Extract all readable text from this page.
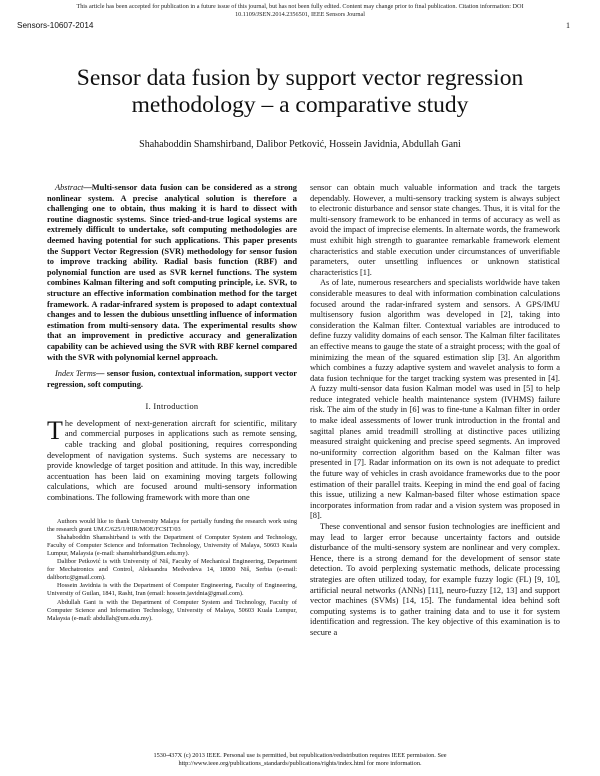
This article has been accepted for publication in a future issue of this journal, but has not been fully edited. Content may change prior to final publication. Citation information: DOI
10.1109/JSEN.2014.2356501, IEEE Sensors Journal
Sensors-10607-2014	1
Sensor data fusion by support vector regression methodology – a comparative study
Shahaboddin Shamshirband, Dalibor Petković, Hossein Javidnia, Abdullah Gani

Abstract—Multi-sensor data fusion can be considered as a strong nonlinear system. A precise analytical solution is therefore a challenging one to obtain, thus making it is hard to dissect with routine diagnostic systems. Since tried-and-true logical systems are extremely difficult to undertake, soft computing methodologies are deemed having potential for such applications. This paper presents the Support Vector Regression (SVR) methodology for sensor fusion to improve tracking ability. Radial basis function (RBF) and polynomial function are used as SVR kernel functions. The system combines Kalman filtering and soft computing principle, i.e. SVR, to structure an effective information combination method for the target framework. A radar-infrared system is proposed to adapt contextual changes and to lessen the dubious unsettling influence of information estimation from multi-sensory data. The experimental results show that an improvement in predictive accuracy and generalization capability can be achieved using the SVR with RBF kernel compared with the SVR with polynomial kernel approach.

Index Terms— sensor fusion, contextual information, support vector regression, soft computing.

I. Introduction

The development of next-generation aircraft for scientific, military and commercial purposes in applications such as remote sensing, cable tracking and global positioning, requires corresponding development of navigation systems. Such systems are necessary to provide knowledge of target position and attitude. In this way, incredible accentuation has been laid on examining moving targets following calculations, which are focused around multi-sensory information combinations. The following framework with more than one

Authors would like to thank University Malaya for partially funding the research work using the research grant UM.C/625/1/HIR/MOE/FCSIT/03

Shahaboddin Shamshirband is with the Department of Computer System and Technology, Faculty of Computer Science and Information Technology, University of Malaya, 50603 Kuala Lumpur, Malaysia (e-mail: shamshirband@um.edu.my).

Dalibor Petković is with University of Niš, Faculty of Mechanical Engineering, Department for Mechatronics and Control, Aleksandra Medvedeva 14, 18000 Niš, Serbia (e-mail: dalibortc@gmail.com).

Hossein Javidnia is with the Department of Computer Engineering, Faculty of Engineering, University of Guilan, 1841, Rasht, Iran (email: hossein.javidnia@gmail.com).

Abdullah Gani is with the Department of Computer System and Technology, Faculty of Computer Science and Information Technology, University of Malaya, 50603 Kuala Lumpur, Malaysia (e-mail: abdullah@um.edu.my).

sensor can obtain much valuable information and track the targets dependably. However, a multi-sensory tracking system is always subject to electronic disturbance and sensor state changes. Thus, it is vital for the multi-sensory framework to be enhanced in terms of accuracy as well as avoid the impact of imprecise elements. In alternate words, the framework must exhibit high strength to guarantee remarkable framework element characteristics and stable execution under circumstances of unverifiable parameters, outer unsettling influences or unknown statistical characteristics [1].

As of late, numerous researchers and specialists worldwide have taken considerable measures to deal with information combination calculations focused around the radar-infrared system and sensors. A GPS/IMU multisensory fusion algorithm was developed in [2], taking into consideration the Kalman filter. Contextual variables are introduced to define fuzzy validity domains of each sensor. The Kalman filter facilitates an effective means to gauge the state of a straight process; with the goal of minimizing the mean of the squared estimation slip [3]. An algorithm which combines a fuzzy adaptive system and wavelet analysis to form a data fusion technique for the target tracking system was presented in [4]. A fuzzy multi-sensor data fusion Kalman model was used in [5] to help reduce integrated vehicle health maintenance system (IVHMS) failure risk. The aim of the study in [6] was to fine-tune a Kalman filter in order to make ideal assessments of lower trunk introduction in the frontal and sagittal planes amid treadmill strolling at distinctive paces utilizing measured straight quickening and precise speed segments. An improved no-uniformity correction algorithm based on the Kalman filter was presented in [7]. Radar information on its own is not adequate to predict the future way of vehicles in crash avoidance frameworks due to the poor estimation of their parallel traits. Keeping in mind the end goal of facing this issue, utilizing a new Kalman-based filter whose estimation space incorporates information from radar and a vision system was proposed in [8].

These conventional and sensor fusion technologies are inefficient and may lead to larger error because uncertainty factors and outside disturbance of the multi-sensory system are nonlinear and very complex. Hence, there is a strong demand for the development of sensor state detection. To avoid perplexing systematic methods, delicate processing strategies are often utilized today, for example fuzzy logic (FL) [9, 10], artificial neural networks (ANNs) [11], neuro-fuzzy [12, 13] and support vector machines (SVMs) [14, 15]. The fundamental idea behind soft computing systems is to gather training data and to use it for system identification and regression. The key objective of this examination is to secure a

1530-437X (c) 2013 IEEE. Personal use is permitted, but republication/redistribution requires IEEE permission. See
http://www.ieee.org/publications_standards/publications/rights/index.html for more information.
